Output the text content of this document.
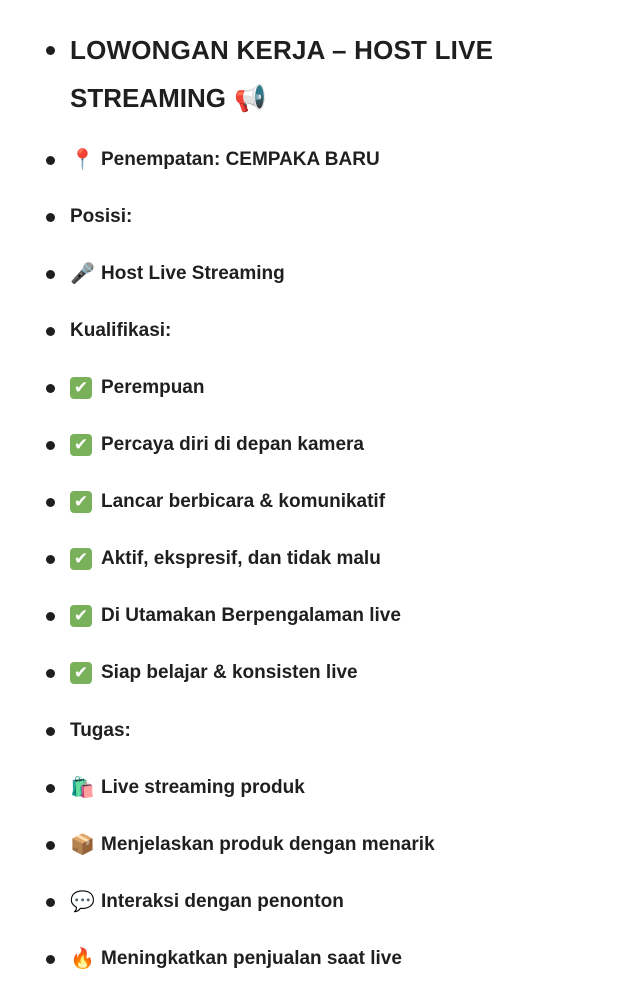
LOWONGAN KERJA – HOST LIVE
STREAMING 📢
📍 Penempatan: CEMPAKA BARU
Posisi:
🎤 Host Live Streaming
Kualifikasi:
✔ Perempuan
✔ Percaya diri di depan kamera
✔ Lancar berbicara & komunikatif
✔ Aktif, ekspresif, dan tidak malu
✔ Di Utamakan Berpengalaman live
✔ Siap belajar & konsisten live
Tugas:
🛍️ Live streaming produk
📦 Menjelaskan produk dengan menarik
💬 Interaksi dengan penonton
🔥 Meningkatkan penjualan saat live
